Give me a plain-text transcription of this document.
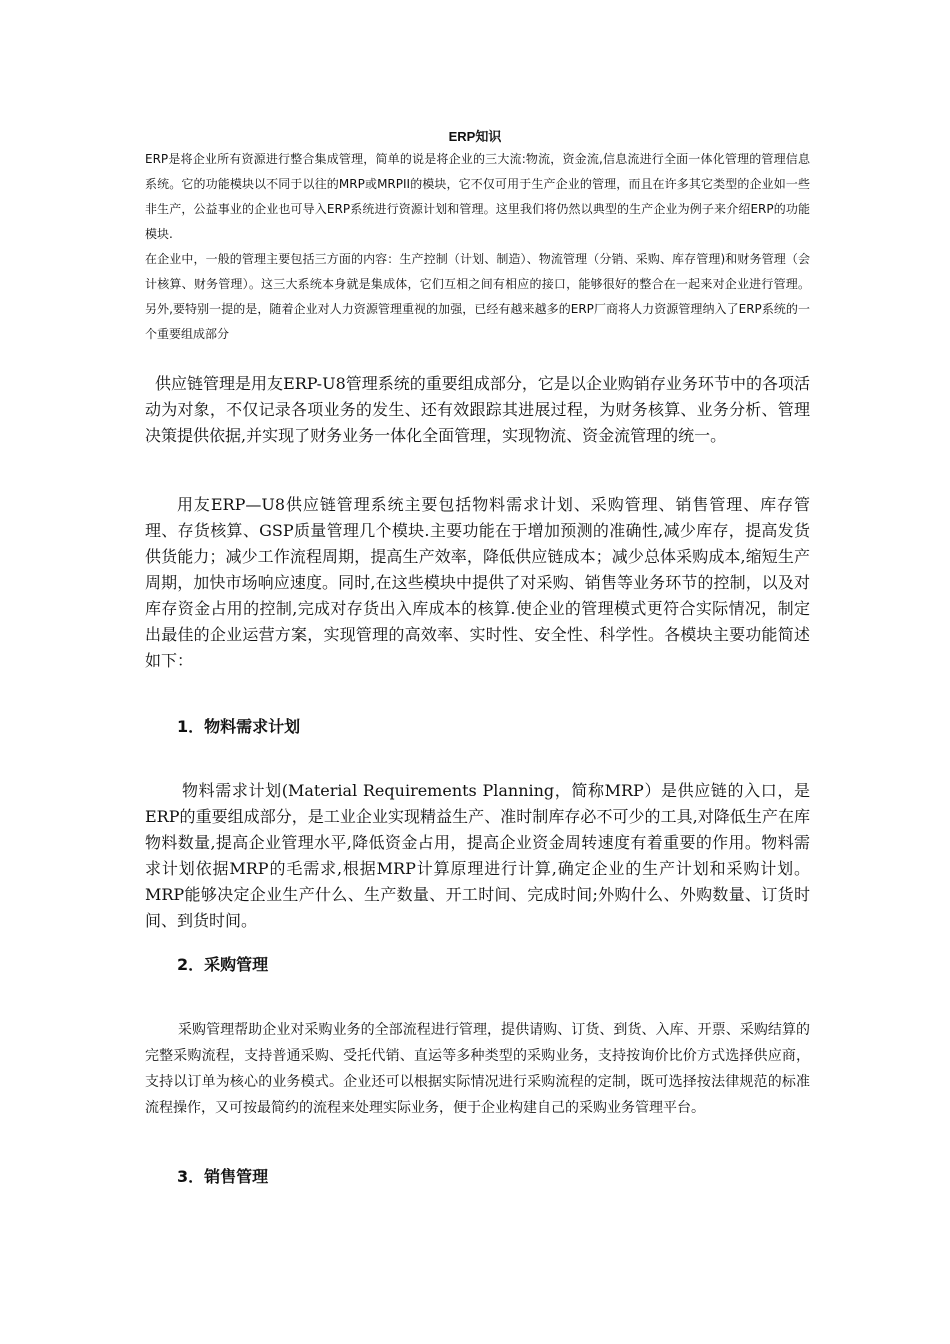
ERP知识

ERP是将企业所有资源进行整合集成管理，简单的说是将企业的三大流:物流，资金流,信息流进行全面一体化管理的管理信息系统。它的功能模块以不同于以往的MRP或MRPII的模块，它不仅可用于生产企业的管理，而且在许多其它类型的企业如一些非生产，公益事业的企业也可导入ERP系统进行资源计划和管理。这里我们将仍然以典型的生产企业为例子来介绍ERP的功能模块.

在企业中，一般的管理主要包括三方面的内容：生产控制（计划、制造）、物流管理（分销、采购、库存管理)和财务管理（会计核算、财务管理）。这三大系统本身就是集成体，它们互相之间有相应的接口，能够很好的整合在一起来对企业进行管理。另外,要特别一提的是，随着企业对人力资源管理重视的加强，已经有越来越多的ERP厂商将人力资源管理纳入了ERP系统的一个重要组成部分

供应链管理是用友ERP-U8管理系统的重要组成部分，它是以企业购销存业务环节中的各项活动为对象，不仅记录各项业务的发生、还有效跟踪其进展过程，为财务核算、业务分析、管理决策提供依据,并实现了财务业务一体化全面管理，实现物流、资金流管理的统一。

用友ERP—U8供应链管理系统主要包括物料需求计划、采购管理、销售管理、库存管理、存货核算、GSP质量管理几个模块.主要功能在于增加预测的准确性,减少库存，提高发货供货能力；减少工作流程周期，提高生产效率，降低供应链成本；减少总体采购成本,缩短生产周期，加快市场响应速度。同时,在这些模块中提供了对采购、销售等业务环节的控制，以及对库存资金占用的控制,完成对存货出入库成本的核算.使企业的管理模式更符合实际情况，制定出最佳的企业运营方案，实现管理的高效率、实时性、安全性、科学性。各模块主要功能简述如下：

1．物料需求计划

物料需求计划(Material Requirements Planning，简称MRP）是供应链的入口，是ERP的重要组成部分，是工业企业实现精益生产、准时制库存必不可少的工具,对降低生产在库物料数量,提高企业管理水平,降低资金占用，提高企业资金周转速度有着重要的作用。物料需求计划依据MRP的毛需求,根据MRP计算原理进行计算,确定企业的生产计划和采购计划。MRP能够决定企业生产什么、生产数量、开工时间、完成时间;外购什么、外购数量、订货时间、到货时间。

2．采购管理

采购管理帮助企业对采购业务的全部流程进行管理，提供请购、订货、到货、入库、开票、采购结算的完整采购流程，支持普通采购、受托代销、直运等多种类型的采购业务，支持按询价比价方式选择供应商，支持以订单为核心的业务模式。企业还可以根据实际情况进行采购流程的定制，既可选择按法律规范的标准流程操作，又可按最简约的流程来处理实际业务，便于企业构建自己的采购业务管理平台。

3．销售管理
